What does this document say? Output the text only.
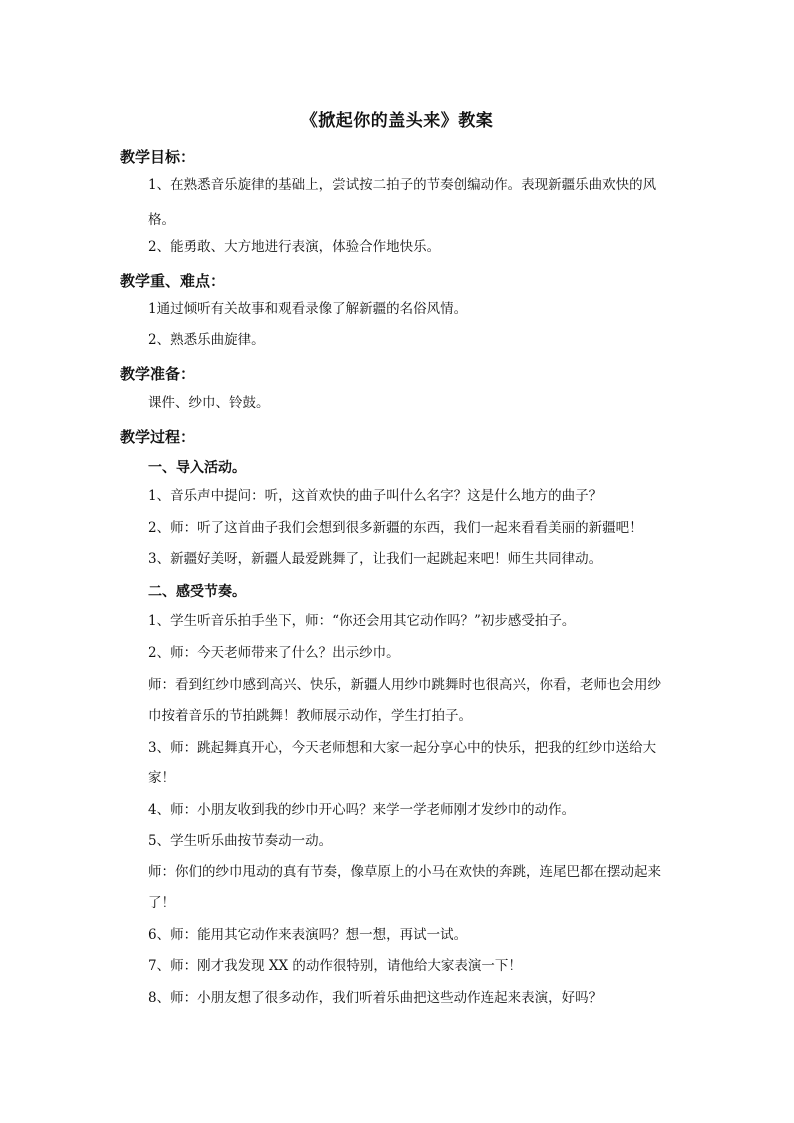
《掀起你的盖头来》教案
教学目标：
1、在熟悉音乐旋律的基础上，尝试按二拍子的节奏创编动作。表现新疆乐曲欢快的风
格。
2、能勇敢、大方地进行表演，体验合作地快乐。
教学重、难点：
1通过倾听有关故事和观看录像了解新疆的名俗风情。
2、熟悉乐曲旋律。
教学准备：
课件、纱巾、铃鼓。
教学过程：
一、导入活动。
1、音乐声中提问：听，这首欢快的曲子叫什么名字？这是什么地方的曲子？
2、师：听了这首曲子我们会想到很多新疆的东西，我们一起来看看美丽的新疆吧！
3、新疆好美呀，新疆人最爱跳舞了，让我们一起跳起来吧！师生共同律动。
二、感受节奏。
1、学生听音乐拍手坐下，师：“你还会用其它动作吗？”初步感受拍子。
2、师：今天老师带来了什么？出示纱巾。
师：看到红纱巾感到高兴、快乐，新疆人用纱巾跳舞时也很高兴，你看，老师也会用纱
巾按着音乐的节拍跳舞！教师展示动作，学生打拍子。
3、师：跳起舞真开心，今天老师想和大家一起分享心中的快乐，把我的红纱巾送给大
家！
4、师：小朋友收到我的纱巾开心吗？来学一学老师刚才发纱巾的动作。
5、学生听乐曲按节奏动一动。
师：你们的纱巾甩动的真有节奏，像草原上的小马在欢快的奔跳，连尾巴都在摆动起来
了！
6、师：能用其它动作来表演吗？想一想，再试一试。
7、师：刚才我发现 XX 的动作很特别，请他给大家表演一下！
8、师：小朋友想了很多动作，我们听着乐曲把这些动作连起来表演，好吗？
